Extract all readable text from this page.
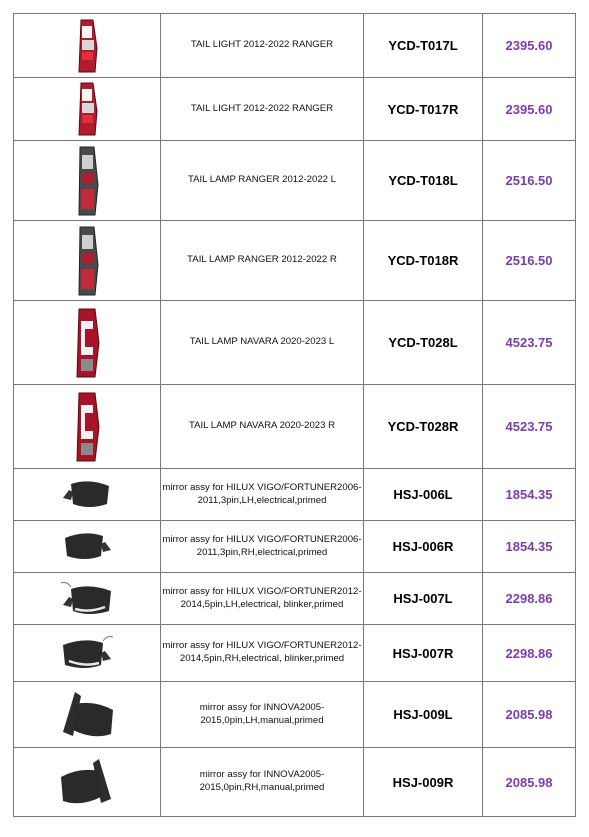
	TAIL LIGHT 2012-2022 RANGER	YCD-T017L	2395.60

	TAIL LIGHT 2012-2022 RANGER	YCD-T017R	2395.60

	TAIL LAMP RANGER 2012-2022 L	YCD-T018L	2516.50

	TAIL LAMP RANGER 2012-2022 R	YCD-T018R	2516.50

	TAIL LAMP NAVARA 2020-2023 L	YCD-T028L	4523.75

	TAIL LAMP NAVARA 2020-2023 R	YCD-T028R	4523.75

	mirror assy for HILUX VIGO/FORTUNER2006-2011,3pin,LH,electrical,primed	HSJ-006L	1854.35

	mirror assy for HILUX VIGO/FORTUNER2006-2011,3pin,RH,electrical,primed	HSJ-006R	1854.35

	mirror assy for HILUX VIGO/FORTUNER2012-2014,5pin,LH,electrical, blinker,primed	HSJ-007L	2298.86

	mirror assy for HILUX VIGO/FORTUNER2012-2014,5pin,RH,electrical, blinker,primed	HSJ-007R	2298.86

	mirror assy for INNOVA2005-2015,0pin,LH,manual,primed	HSJ-009L	2085.98

	mirror assy for INNOVA2005-2015,0pin,RH,manual,primed	HSJ-009R	2085.98
